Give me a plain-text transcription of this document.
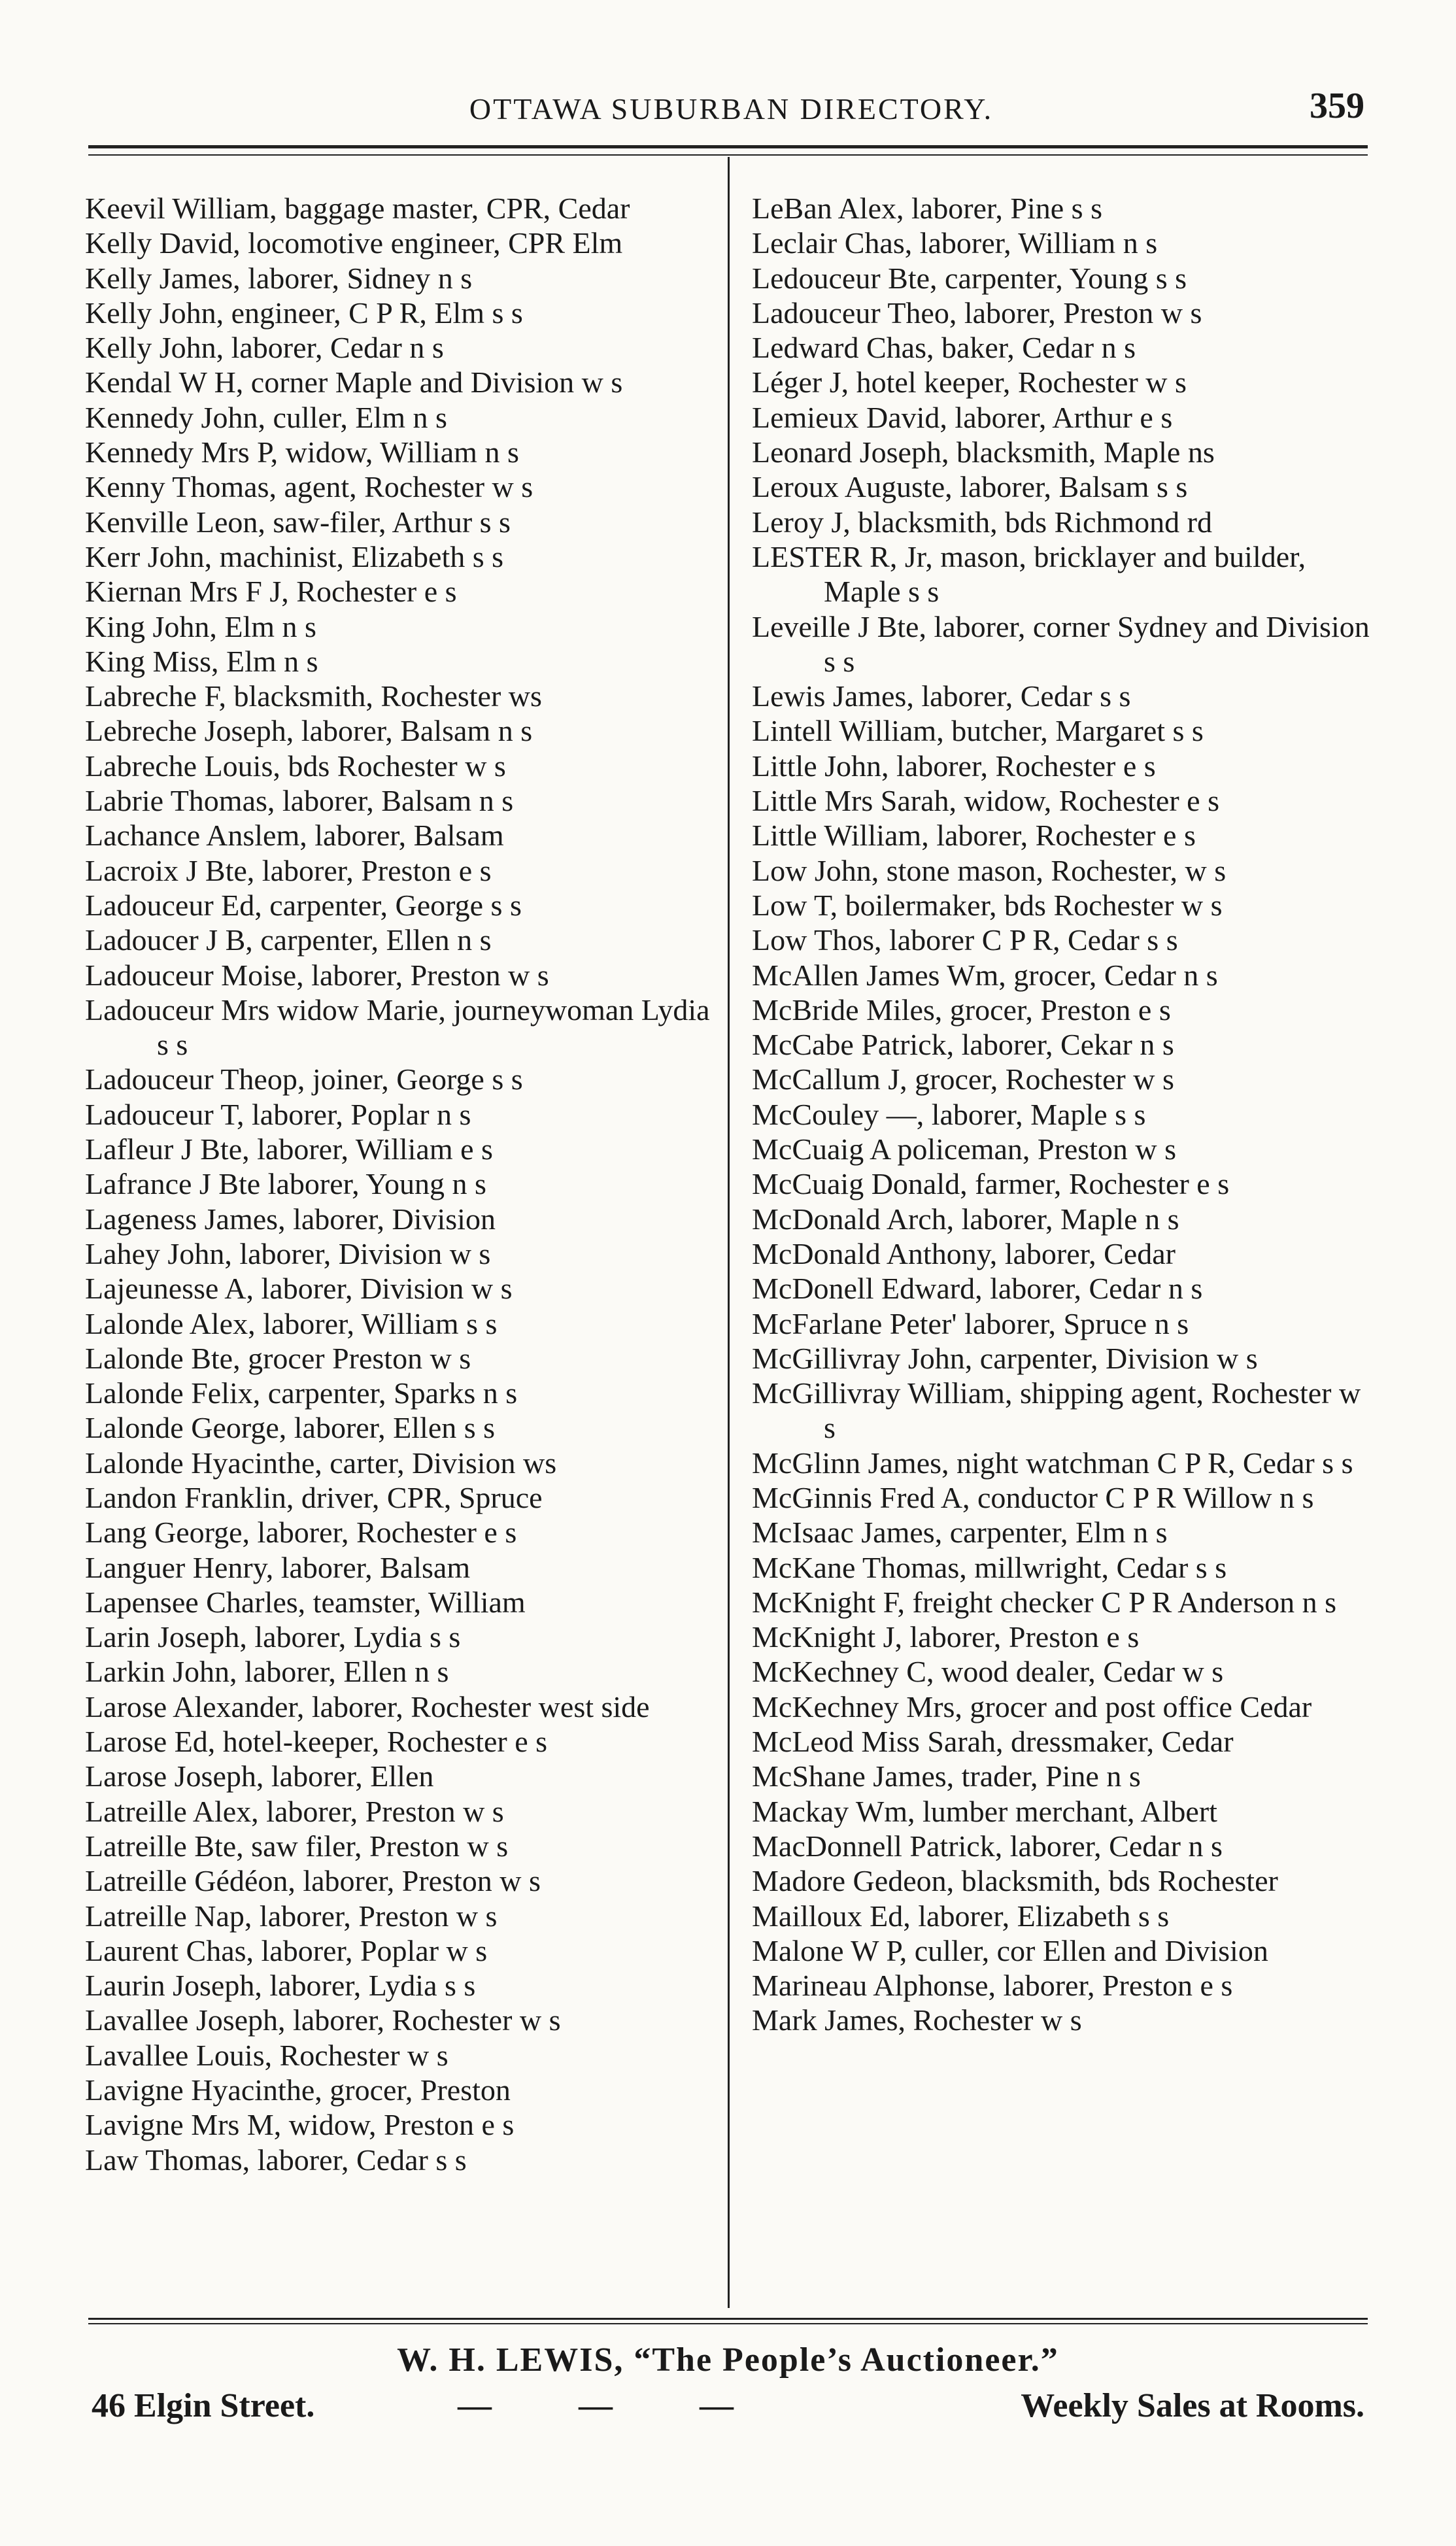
OTTAWA SUBURBAN DIRECTORY.	359
Keevil William, baggage master, CPR, Cedar
Kelly David, locomotive engineer, CPR Elm
Kelly James, laborer, Sidney n s
Kelly John, engineer, C P R, Elm s s
Kelly John, laborer, Cedar n s
Kendal W H, corner Maple and Division w s
Kennedy John, culler, Elm n s
Kennedy Mrs P, widow, William n s
Kenny Thomas, agent, Rochester w s
Kenville Leon, saw-filer, Arthur s s
Kerr John, machinist, Elizabeth s s
Kiernan Mrs F J, Rochester e s
King John, Elm n s
King Miss, Elm n s
Labreche F, blacksmith, Rochester ws
Lebreche Joseph, laborer, Balsam n s
Labreche Louis, bds Rochester w s
Labrie Thomas, laborer, Balsam n s
Lachance Anslem, laborer, Balsam
Lacroix J Bte, laborer, Preston e s
Ladouceur Ed, carpenter, George s s
Ladoucer J B, carpenter, Ellen n s
Ladouceur Moise, laborer, Preston w s
Ladouceur Mrs widow Marie, journeywoman Lydia s s
Ladouceur Theop, joiner, George s s
Ladouceur T, laborer, Poplar n s
Lafleur J Bte, laborer, William e s
Lafrance J Bte laborer, Young n s
Lageness James, laborer, Division
Lahey John, laborer, Division w s
Lajeunesse A, laborer, Division w s
Lalonde Alex, laborer, William s s
Lalonde Bte, grocer Preston w s
Lalonde Felix, carpenter, Sparks n s
Lalonde George, laborer, Ellen s s
Lalonde Hyacinthe, carter, Division ws
Landon Franklin, driver, CPR, Spruce
Lang George, laborer, Rochester e s
Languer Henry, laborer, Balsam
Lapensee Charles, teamster, William
Larin Joseph, laborer, Lydia s s
Larkin John, laborer, Ellen n s
Larose Alexander, laborer, Rochester west side
Larose Ed, hotel-keeper, Rochester e s
Larose Joseph, laborer, Ellen
Latreille Alex, laborer, Preston w s
Latreille Bte, saw filer, Preston w s
Latreille Gédéon, laborer, Preston w s
Latreille Nap, laborer, Preston w s
Laurent Chas, laborer, Poplar w s
Laurin Joseph, laborer, Lydia s s
Lavallee Joseph, laborer, Rochester w s
Lavallee Louis, Rochester w s
Lavigne Hyacinthe, grocer, Preston
Lavigne Mrs M, widow, Preston e s
Law Thomas, laborer, Cedar s s
LeBan Alex, laborer, Pine s s
Leclair Chas, laborer, William n s
Ledouceur Bte, carpenter, Young s s
Ladouceur Theo, laborer, Preston w s
Ledward Chas, baker, Cedar n s
Léger J, hotel keeper, Rochester w s
Lemieux David, laborer, Arthur e s
Leonard Joseph, blacksmith, Maple ns
Leroux Auguste, laborer, Balsam s s
Leroy J, blacksmith, bds Richmond rd
LESTER R, Jr, mason, bricklayer and builder, Maple s s
Leveille J Bte, laborer, corner Sydney and Division s s
Lewis James, laborer, Cedar s s
Lintell William, butcher, Margaret s s
Little John, laborer, Rochester e s
Little Mrs Sarah, widow, Rochester e s
Little William, laborer, Rochester e s
Low John, stone mason, Rochester, w s
Low T, boilermaker, bds Rochester w s
Low Thos, laborer C P R, Cedar s s
McAllen James Wm, grocer, Cedar n s
McBride Miles, grocer, Preston e s
McCabe Patrick, laborer, Cekar n s
McCallum J, grocer, Rochester w s
McCouley —, laborer, Maple s s
McCuaig A policeman, Preston w s
McCuaig Donald, farmer, Rochester e s
McDonald Arch, laborer, Maple n s
McDonald Anthony, laborer, Cedar
McDonell Edward, laborer, Cedar n s
McFarlane Peter' laborer, Spruce n s
McGillivray John, carpenter, Division w s
McGillivray William, shipping agent, Rochester w s
McGlinn James, night watchman C P R, Cedar s s
McGinnis Fred A, conductor C P R Willow n s
McIsaac James, carpenter, Elm n s
McKane Thomas, millwright, Cedar s s
McKnight F, freight checker C P R Anderson n s
McKnight J, laborer, Preston e s
McKechney C, wood dealer, Cedar w s
McKechney Mrs, grocer and post office Cedar
McLeod Miss Sarah, dressmaker, Cedar
McShane James, trader, Pine n s
Mackay Wm, lumber merchant, Albert
MacDonnell Patrick, laborer, Cedar n s
Madore Gedeon, blacksmith, bds Rochester
Mailloux Ed, laborer, Elizabeth s s
Malone W P, culler, cor Ellen and Division
Marineau Alphonse, laborer, Preston e s
Mark James, Rochester w s
W. H. LEWIS, “The People’s Auctioneer.”
46 Elgin Street.	— — —	Weekly Sales at Rooms.
